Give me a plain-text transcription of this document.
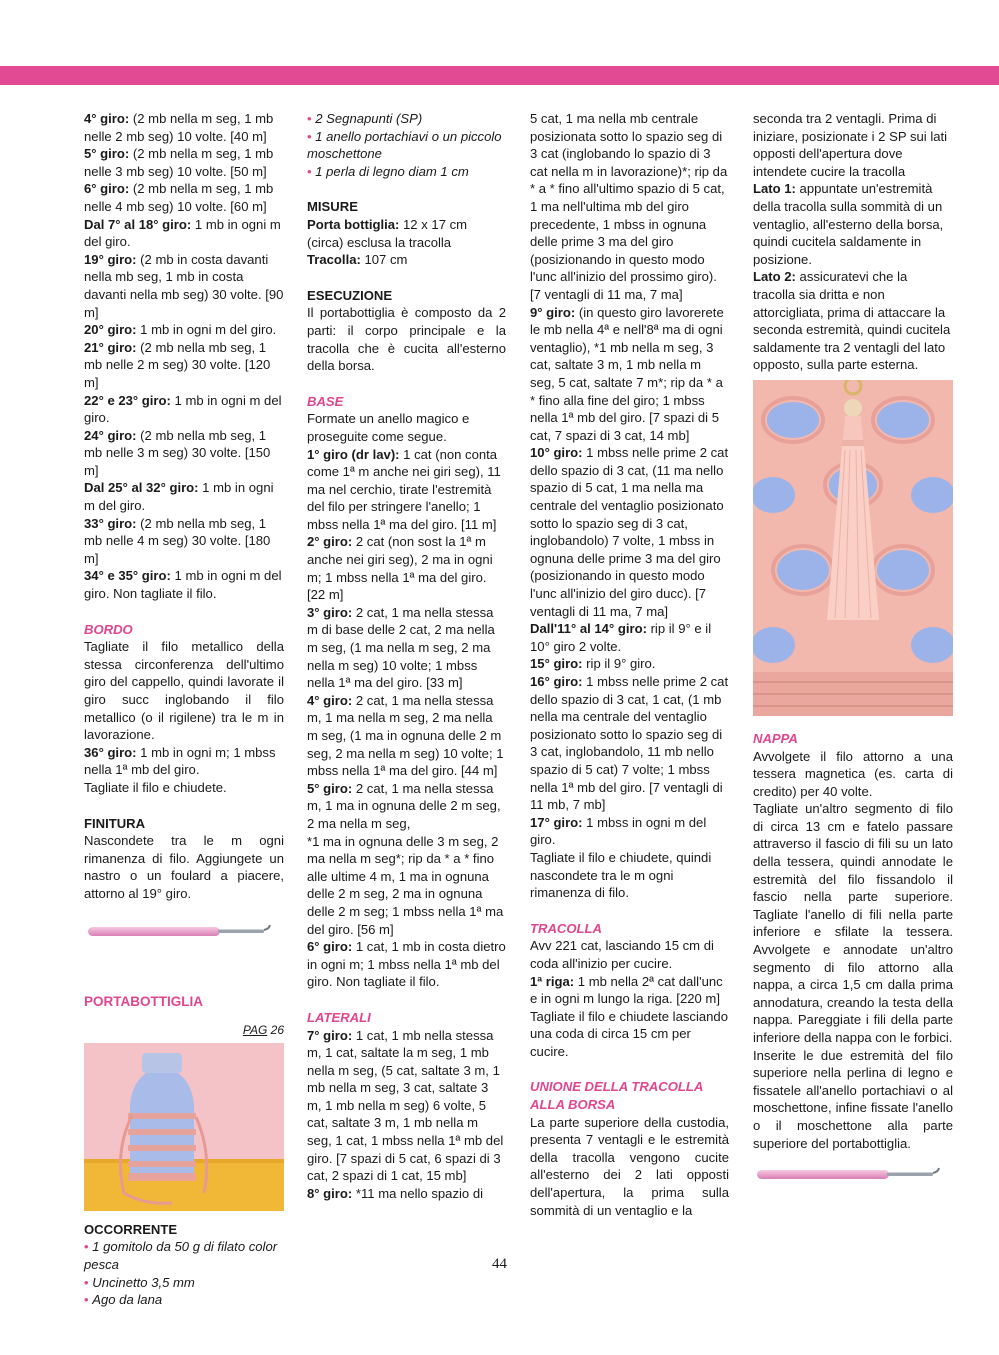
4° giro: (2 mb nella m seg, 1 mb nelle 2 mb seg) 10 volte. [40 m]

5° giro: (2 mb nella m seg, 1 mb nelle 3 mb seg) 10 volte. [50 m]

6° giro: (2 mb nella m seg, 1 mb nelle 4 mb seg) 10 volte. [60 m]

Dal 7° al 18° giro: 1 mb in ogni m del giro.

19° giro: (2 mb in costa davanti nella mb seg, 1 mb in costa davanti nella mb seg) 30 volte. [90 m]

20° giro: 1 mb in ogni m del giro.

21° giro: (2 mb nella mb seg, 1 mb nelle 2 m seg) 30 volte. [120 m]

22° e 23° giro: 1 mb in ogni m del giro.

24° giro: (2 mb nella mb seg, 1 mb nelle 3 m seg) 30 volte. [150 m]

Dal 25° al 32° giro: 1 mb in ogni m del giro.

33° giro: (2 mb nella mb seg, 1 mb nelle 4 m seg) 30 volte. [180 m]

34° e 35° giro: 1 mb in ogni m del giro. Non tagliate il filo.

BORDO

Tagliate il filo metallico della stessa circonferenza dell'ultimo giro del cappello, quindi lavorate il giro succ inglobando il filo metallico (o il rigilene) tra le m in lavorazione.

36° giro: 1 mb in ogni m; 1 mbss nella 1ª mb del giro.

Tagliate il filo e chiudete.

FINITURA

Nascondete tra le m ogni rimanenza di filo. Aggiungete un nastro o un foulard a piacere, attorno al 19° giro.

PORTABOTTIGLIA

PAG 26

OCCORRENTE

• 1 gomitolo da 50 g di filato color pesca

• Uncinetto 3,5 mm

• Ago da lana

• 2 Segnapunti (SP)

• 1 anello portachiavi o un piccolo moschettone

• 1 perla di legno diam 1 cm

MISURE

Porta bottiglia: 12 x 17 cm (circa) esclusa la tracolla

Tracolla: 107 cm

ESECUZIONE

Il portabottiglia è composto da 2 parti: il corpo principale e la tracolla che è cucita all'esterno della borsa.

BASE

Formate un anello magico e proseguite come segue.

1° giro (dr lav): 1 cat (non conta come 1ª m anche nei giri seg), 11 ma nel cerchio, tirate l'estremità del filo per stringere l'anello; 1 mbss nella 1ª ma del giro. [11 m]

2° giro: 2 cat (non sost la 1ª m anche nei giri seg), 2 ma in ogni m; 1 mbss nella 1ª ma del giro. [22 m]

3° giro: 2 cat, 1 ma nella stessa m di base delle 2 cat, 2 ma nella m seg, (1 ma nella m seg, 2 ma nella m seg) 10 volte; 1 mbss nella 1ª ma del giro. [33 m]

4° giro: 2 cat, 1 ma nella stessa m, 1 ma nella m seg, 2 ma nella m seg, (1 ma in ognuna delle 2 m seg, 2 ma nella m seg) 10 volte; 1 mbss nella 1ª ma del giro. [44 m]

5° giro: 2 cat, 1 ma nella stessa m, 1 ma in ognuna delle 2 m seg, 2 ma nella m seg,

*1 ma in ognuna delle 3 m seg, 2 ma nella m seg*; rip da * a * fino alle ultime 4 m, 1 ma in ognuna delle 2 m seg, 2 ma in ognuna delle 2 m seg; 1 mbss nella 1ª ma del giro. [56 m]

6° giro: 1 cat, 1 mb in costa dietro in ogni m; 1 mbss nella 1ª mb del giro. Non tagliate il filo.

LATERALI

7° giro: 1 cat, 1 mb nella stessa m, 1 cat, saltate la m seg, 1 mb nella m seg, (5 cat, saltate 3 m, 1 mb nella m seg, 3 cat, saltate 3 m, 1 mb nella m seg) 6 volte, 5 cat, saltate 3 m, 1 mb nella m seg, 1 cat, 1 mbss nella 1ª mb del giro. [7 spazi di 5 cat, 6 spazi di 3 cat, 2 spazi di 1 cat, 15 mb]

8° giro: *11 ma nello spazio di

5 cat, 1 ma nella mb centrale posizionata sotto lo spazio seg di 3 cat (inglobando lo spazio di 3 cat nella m in lavorazione)*; rip da * a * fino all'ultimo spazio di 5 cat, 1 ma nell'ultima mb del giro precedente, 1 mbss in ognuna delle prime 3 ma del giro (posizionando in questo modo l'unc all'inizio del prossimo giro). [7 ventagli di 11 ma, 7 ma]

9° giro: (in questo giro lavorerete le mb nella 4ª e nell'8ª ma di ogni ventaglio), *1 mb nella m seg, 3 cat, saltate 3 m, 1 mb nella m seg, 5 cat, saltate 7 m*; rip da * a * fino alla fine del giro; 1 mbss nella 1ª mb del giro. [7 spazi di 5 cat, 7 spazi di 3 cat, 14 mb]

10° giro: 1 mbss nelle prime 2 cat dello spazio di 3 cat, (11 ma nello spazio di 5 cat, 1 ma nella ma centrale del ventaglio posizionato sotto lo spazio seg di 3 cat, inglobandolo) 7 volte, 1 mbss in ognuna delle prime 3 ma del giro (posizionando in questo modo l'unc all'inizio del giro ducc). [7 ventagli di 11 ma, 7 ma]

Dall'11° al 14° giro: rip il 9° e il 10° giro 2 volte.

15° giro: rip il 9° giro.

16° giro: 1 mbss nelle prime 2 cat dello spazio di 3 cat, 1 cat, (1 mb nella ma centrale del ventaglio posizionato sotto lo spazio seg di 3 cat, inglobandolo, 11 mb nello spazio di 5 cat) 7 volte; 1 mbss nella 1ª mb del giro. [7 ventagli di 11 mb, 7 mb]

17° giro: 1 mbss in ogni m del giro.

Tagliate il filo e chiudete, quindi nascondete tra le m ogni rimanenza di filo.

TRACOLLA

Avv 221 cat, lasciando 15 cm di coda all'inizio per cucire.

1ª riga: 1 mb nella 2ª cat dall'unc e in ogni m lungo la riga. [220 m]

Tagliate il filo e chiudete lasciando una coda di circa 15 cm per cucire.

UNIONE DELLA TRACOLLA ALLA BORSA

La parte superiore della custodia, presenta 7 ventagli e le estremità della tracolla vengono cucite all'esterno dei 2 lati opposti dell'apertura, la prima sulla sommità di un ventaglio e la

seconda tra 2 ventagli. Prima di iniziare, posizionate i 2 SP sui lati opposti dell'apertura dove intendete cucire la tracolla

Lato 1: appuntate un'estremità della tracolla sulla sommità di un ventaglio, all'esterno della borsa, quindi cucitela saldamente in posizione.

Lato 2: assicuratevi che la tracolla sia dritta e non attorcigliata, prima di attaccare la seconda estremità, quindi cucitela saldamente tra 2 ventagli del lato opposto, sulla parte esterna.

NAPPA

Avvolgete il filo attorno a una tessera magnetica (es. carta di credito) per 40 volte.

Tagliate un'altro segmento di filo di circa 13 cm e fatelo passare attraverso il fascio di fili su un lato della tessera, quindi annodate le estremità del filo fissandolo il fascio nella parte superiore. Tagliate l'anello di fili nella parte inferiore e sfilate la tessera. Avvolgete e annodate un'altro segmento di filo attorno alla nappa, a circa 1,5 cm dalla prima annodatura, creando la testa della nappa. Pareggiate i fili della parte inferiore della nappa con le forbici.

Inserite le due estremità del filo superiore nella perlina di legno e fissatele all'anello portachiavi o al moschettone, infine fissate l'anello o il moschettone alla parte superiore del portabottiglia.

44
